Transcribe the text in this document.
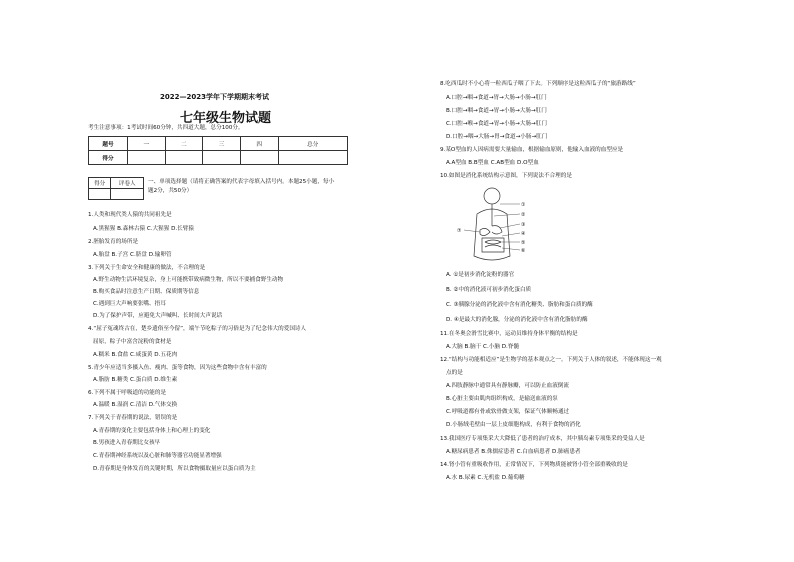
2022—2023学年下学期期末考试
七年级生物试题
考生注意事项：1考试时间60分钟，共四道大题，总分100分。
题号	一	二	三	四	总分
得分					
得分	评卷人
	一、单项选择题（请将正确答案的代表字母填入括号内。本题25小题，每小
题2分，共50分）
1.人类和现代类人猿的共同祖先是
A.黑猩猩 B.森林古猿 C.大猩猩 D.长臂猿
2.胚胎发育的场所是
A.胎盘 B.子宫 C.脐盘 D.输卵管
3.下列关于生命安全和健康的做法，不合理的是
A.野生动物生活环境复杂，身上可能携带致病微生物，所以不要捕食野生动物
B.购买食品时注意生产日期、保质期等信息
C.遇到巨大声响要张嘴、捂耳
D.为了保护声带，应避免大声喊叫、长时间大声说话
4.“屈子冤魂终古在，楚乡遗俗至今留”，端午节吃粽子的习俗是为了纪念伟大的爱国诗人
屈原，粽子中富含淀粉的食材是
A.糯米 B.食盐 C.咸蛋黄 D.五花肉
5.青少年应适当多摄入鱼、瘦肉、蛋等食物，因为这些食物中含有丰富的
A.脂肪 B.糖类 C.蛋白质 D.维生素
6.下列不属于呼吸道的功能的是
A.温暖 B.湿润 C.清洁 D.气体交换
7.下列关于青春期的说法，错误的是
A.青春期的变化主要包括身体上和心理上的变化
B.男孩进入青春期比女孩早
C.青春期神经系统以及心脏和肺等器官功能显著增强
D.青春期是身体发育的关键时期，所以食物摄取量应以蛋白质为主
8.吃西瓜时不小心将一粒西瓜子咽了下去。下列顺序是这粒西瓜子的“旅游路线”
A.口腔→咽→食道→胃→大肠→小肠→肛门
B.口腔→咽→食道→胃→小肠→大肠→肛门
C.口腔→喉→食道→胃→小肠→大肠→肛门
D.口腔→咽→大肠→胃→食道→小肠→肛门
9.某O型血的人因病需要大量输血，根据输血原则，他输入血液的血型应是
A.A型血 B.B型血 C.AB型血 D.O型血
10.如图是消化系统结构示意图，下列说法不合理的是
①
②
③
④
⑤
⑥
⑦
A. ①是初步消化淀粉的器官
B. ②中的消化液可初步消化蛋白质
C. ③胰腺分泌的消化液中含有消化糖类、脂肪和蛋白质的酶
D. ④是最大的消化腺，分泌的消化液中含有消化脂肪的酶
11.在冬奥会滑雪比赛中，运动员维持身体平衡的结构是
A.大脑 B.脑干 C.小脑 D.脊髓
12.“结构与功能相适应”是生物学的基本观点之一。下列关于人体的叙述，不能体现这一观
点的是
A.四肢静脉中通常具有静脉瓣，可以防止血液倒流
B.心脏主要由肌肉组织构成，是输送血液的泵
C.呼吸道都有骨或软骨做支架，保证气体顺畅通过
D.小肠绒毛壁由一层上皮细胞构成，有利于食物的消化
13.我国医疗专项集采大大降低了患者的治疗成本，其中胰岛素专项集采的受益人是
A.糖尿病患者 B.侏儒症患者 C.白血病患者 D.肺癌患者
14.肾小管有重吸收作用，正常情况下，下列物质能被肾小管全部重吸收的是
A.水 B.尿素 C.无机盐 D.葡萄糖
